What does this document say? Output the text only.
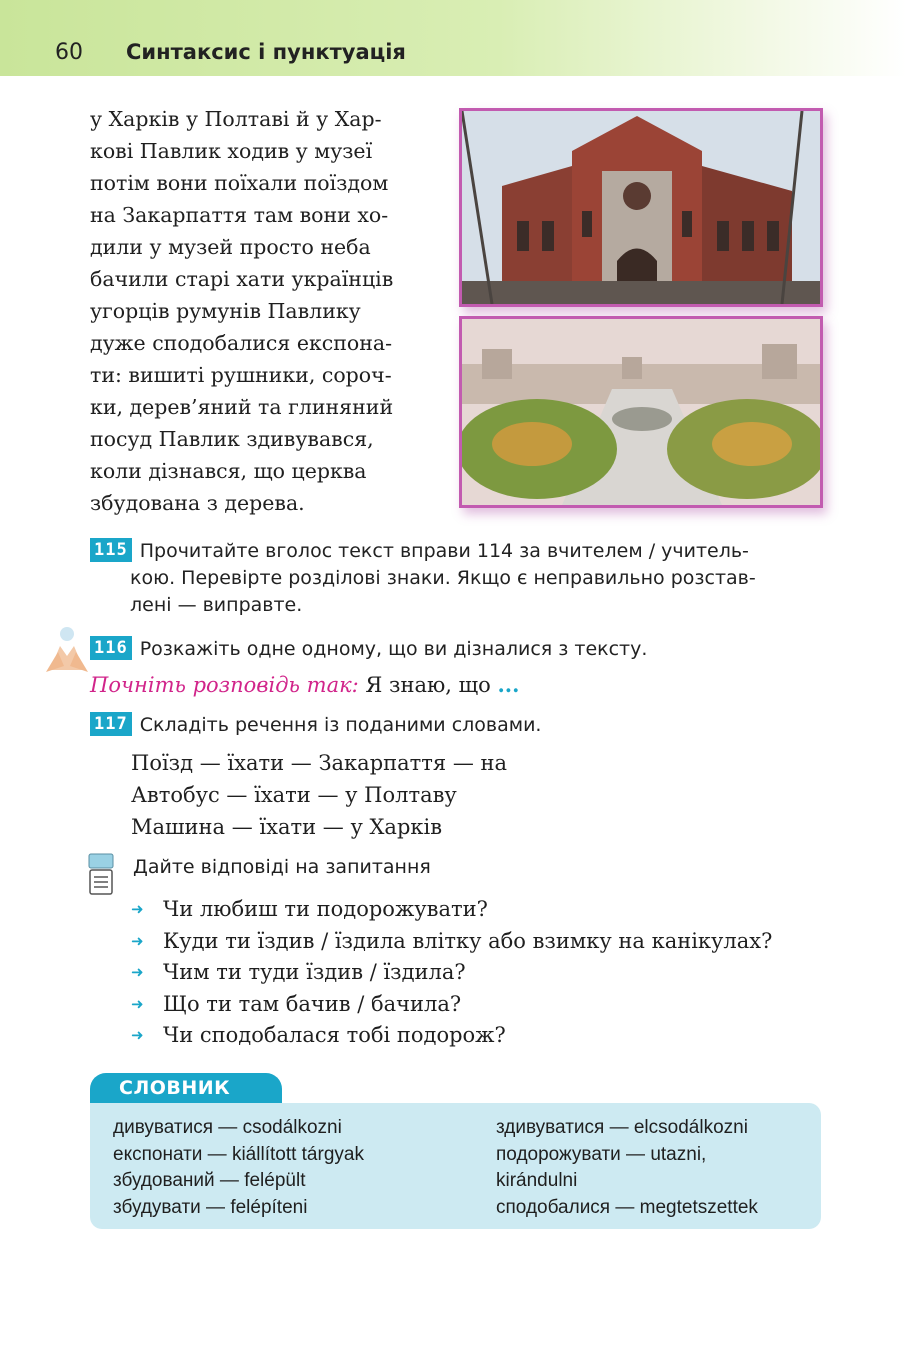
60 Синтаксис і пунктуація
у Харків у Полтаві й у Хар-
кові Павлик ходив у музеї
потім вони поїхали поїздом
на Закарпаття там вони хо-
дили у музей просто неба
бачили старі хати українців
угорців румунів Павлику
дуже сподобалися експона-
ти: вишиті рушники, сороч-
ки, дерев’яний та глиняний
посуд Павлик здивувався,
коли дізнався, що церква
збудована з дерева.
115 Прочитайте вголос текст вправи 114 за вчителем / учитель-
кою. Перевірте розділові знаки. Якщо є неправильно розстав-
лені — виправте.
116 Розкажіть одне одному, що ви дізналися з тексту.
Почніть розповідь так: Я знаю, що ...
117 Складіть речення із поданими словами.
Поїзд — їхати — Закарпаття — на
Автобус — їхати — у Полтаву
Машина — їхати — у Харків
Дайте відповіді на запитання
➜ Чи любиш ти подорожувати?
➜ Куди ти їздив / їздила влітку або взимку на канікулах?
➜ Чим ти туди їздив / їздила?
➜ Що ти там бачив / бачила?
➜ Чи сподобалася тобі подорож?
СЛОВНИК
дивуватися — csodálkozni
експонати — kiállított tárgyak
збудований — felépült
збудувати — felépíteni
здивуватися — elcsodálkozni
подорожувати — utazni,
kirándulni
сподобалися — megtetszettek
